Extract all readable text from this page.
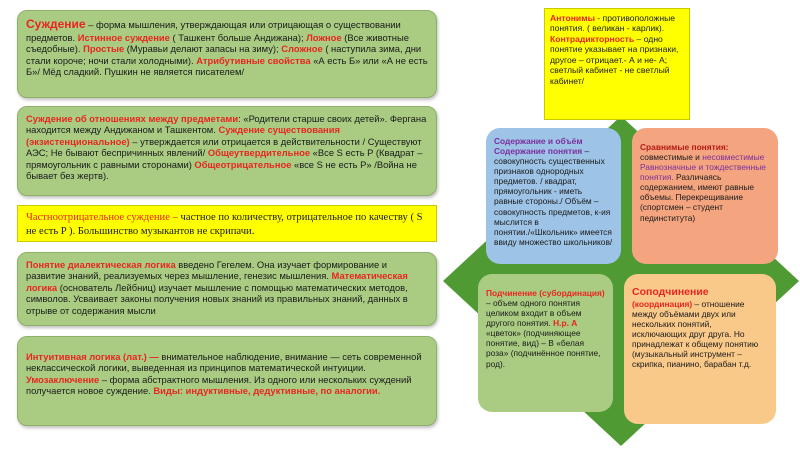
Суждение – форма мышления, утверждающая или отрицающая о существовании предметов. Истинное суждение ( Ташкент больше Андижана); Ложное (Все животные съедобные). Простые (Муравьи делают запасы на зиму); Сложное ( наступила зима, дни стали короче; ночи стали холодными). Атрибутивные свойства «А есть Б» или «А не есть Б»/ Мёд сладкий. Пушкин не является писателем/
Суждение об отношениях между предметами: «Родители старше своих детей». Фергана находится между Андижаном и Ташкентом. Суждение существования (экзистенциональное) – утверждается или отрицается в действительности / Существуют АЭС; Не бывают беспричинных явлений/ Общеутвердительное «Все S есть P (Квадрат –прямоугольник с равными сторонами) Общеотрицательное «все S не есть P» /Война не бывает без жертв).
Частноотрицательное суждение – частное по количеству, отрицательное по качеству ( S не есть P ). Большинство музыкантов не скрипачи.
Понятие диалектическая логика введено Гегелем. Она изучает формирование и развитие знаний, реализуемых через мышление, генезис мышления. Математическая логика (основатель Лейбниц) изучает мышление с помощью математических методов, символов. Усваивает законы получения новых знаний из правильных знаний, данных в отрыве от содержания мысли
Интуитивная логика (лат.) — внимательное наблюдение, внимание — сеть современной неклассической логики, выведенная из принципов математической интуиции. Умозаключение – форма абстрактного мышления. Из одного или нескольких суждений получается новое суждение. Виды: индуктивные, дедуктивные, по аналогии.
Антонимы - противоположные понятия. ( великан - карлик). Контрадикторность – одно понятие указывает на признаки, другое – отрицает.- А и не- А; светлый кабинет - не светлый кабинет/
Содержание и объём
Содержание понятия – совокупность существенных признаков однородных предметов. / квадрат, прямоугольник - иметь равные стороны./ Объём – совокупность предметов, к-ия мыслится в понятии./«Школьник» имеется ввиду множество школьников/
Сравнимые понятия: совместимые и несовместимые Равнозначные и тождественные понятия. Различаясь содержанием, имеют равные объемы. Перекрещивание (спортсмен – студент пединститута)
Подчинение (субординация) – объем одного понятия целиком входит в объем другого понятия. Н.р. А «цветок» (подчиняющее понятие, вид) – В «белая роза» (подчинённое понятие, род).
Соподчинение
(координация) – отношение между объёмами двух или нескольких понятий, исключающих друг друга. Но принадлежат к общему понятию (музыкальный инструмент – скрипка, пианино, барабан т.д.
